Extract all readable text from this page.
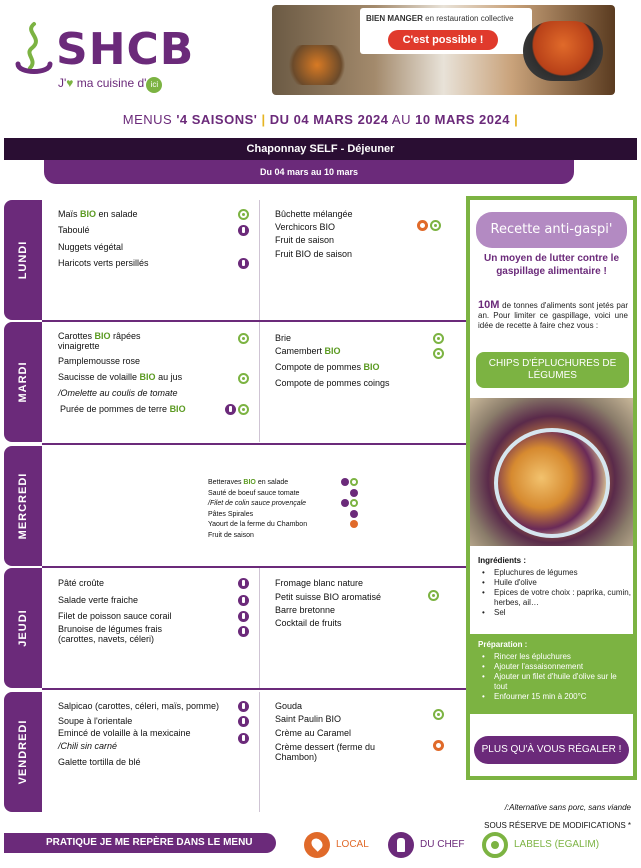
SHCB
J'♥ ma cuisine d' ici
BIEN MANGER en restauration collective
C'est possible !
MENUS '4 SAISONS' | DU 04 MARS 2024 AU 10 MARS 2024 |
Chaponnay SELF - Déjeuner
Du 04 mars au 10 mars
LUNDI
Maïs BIO en salade
Taboulé
Nuggets végétal
Haricots verts persillés
Bûchette mélangée
Verchicors BIO
Fruit de saison
Fruit BIO de saison
MARDI
Carottes BIO râpées
vinaigrette
Pamplemousse rose
Saucisse de volaille BIO au jus
/Omelette au coulis de tomate
Purée de pommes de terre BIO
Brie
Camembert BIO
Compote de pommes BIO
Compote de pommes coings
MERCREDI	Betteraves BIO en salade
Sauté de boeuf sauce tomate
/Filet de colin sauce provençale
Pâtes Spirales
Yaourt de la ferme du Chambon
Fruit de saison
JEUDI
Pâté croûte
Salade verte fraiche
Filet de poisson sauce corail
Brunoise de légumes frais
(carottes, navets, céleri)
Fromage blanc nature
Petit suisse BIO aromatisé
Barre bretonne
Cocktail de fruits
VENDREDI
Salpicao (carottes, céleri, maïs, pomme)
Soupe à l'orientale
Emincé de volaille à la mexicaine
/Chili sin carné
Galette tortilla de blé
Gouda
Saint Paulin BIO
Crème au Caramel
Crème dessert (ferme du
Chambon)
Recette anti-gaspi'
Un moyen de lutter contre le gaspillage alimentaire !
10M de tonnes d'aliments sont jetés par an. Pour limiter ce gaspillage, voici une idée de recette à faire chez vous :
CHIPS D'ÉPLUCHURES DE LÉGUMES
Ingrédients :
• Epluchures de légumes
• Huile d'olive
• Epices de votre choix : paprika, cumin, herbes, ail…
• Sel
Préparation :
• Rincer les épluchures
• Ajouter l'assaisonnement
• Ajouter un filet d'huile d'olive sur le tout
• Enfourner 15 min à 200°C
PLUS QU'À VOUS RÉGALER !
/:Alternative sans porc, sans viande
SOUS RÉSERVE DE MODIFICATIONS *
PRATIQUE JE ME REPÈRE DANS LE MENU	LOCAL	DU CHEF	LABELS (EGALIM)
